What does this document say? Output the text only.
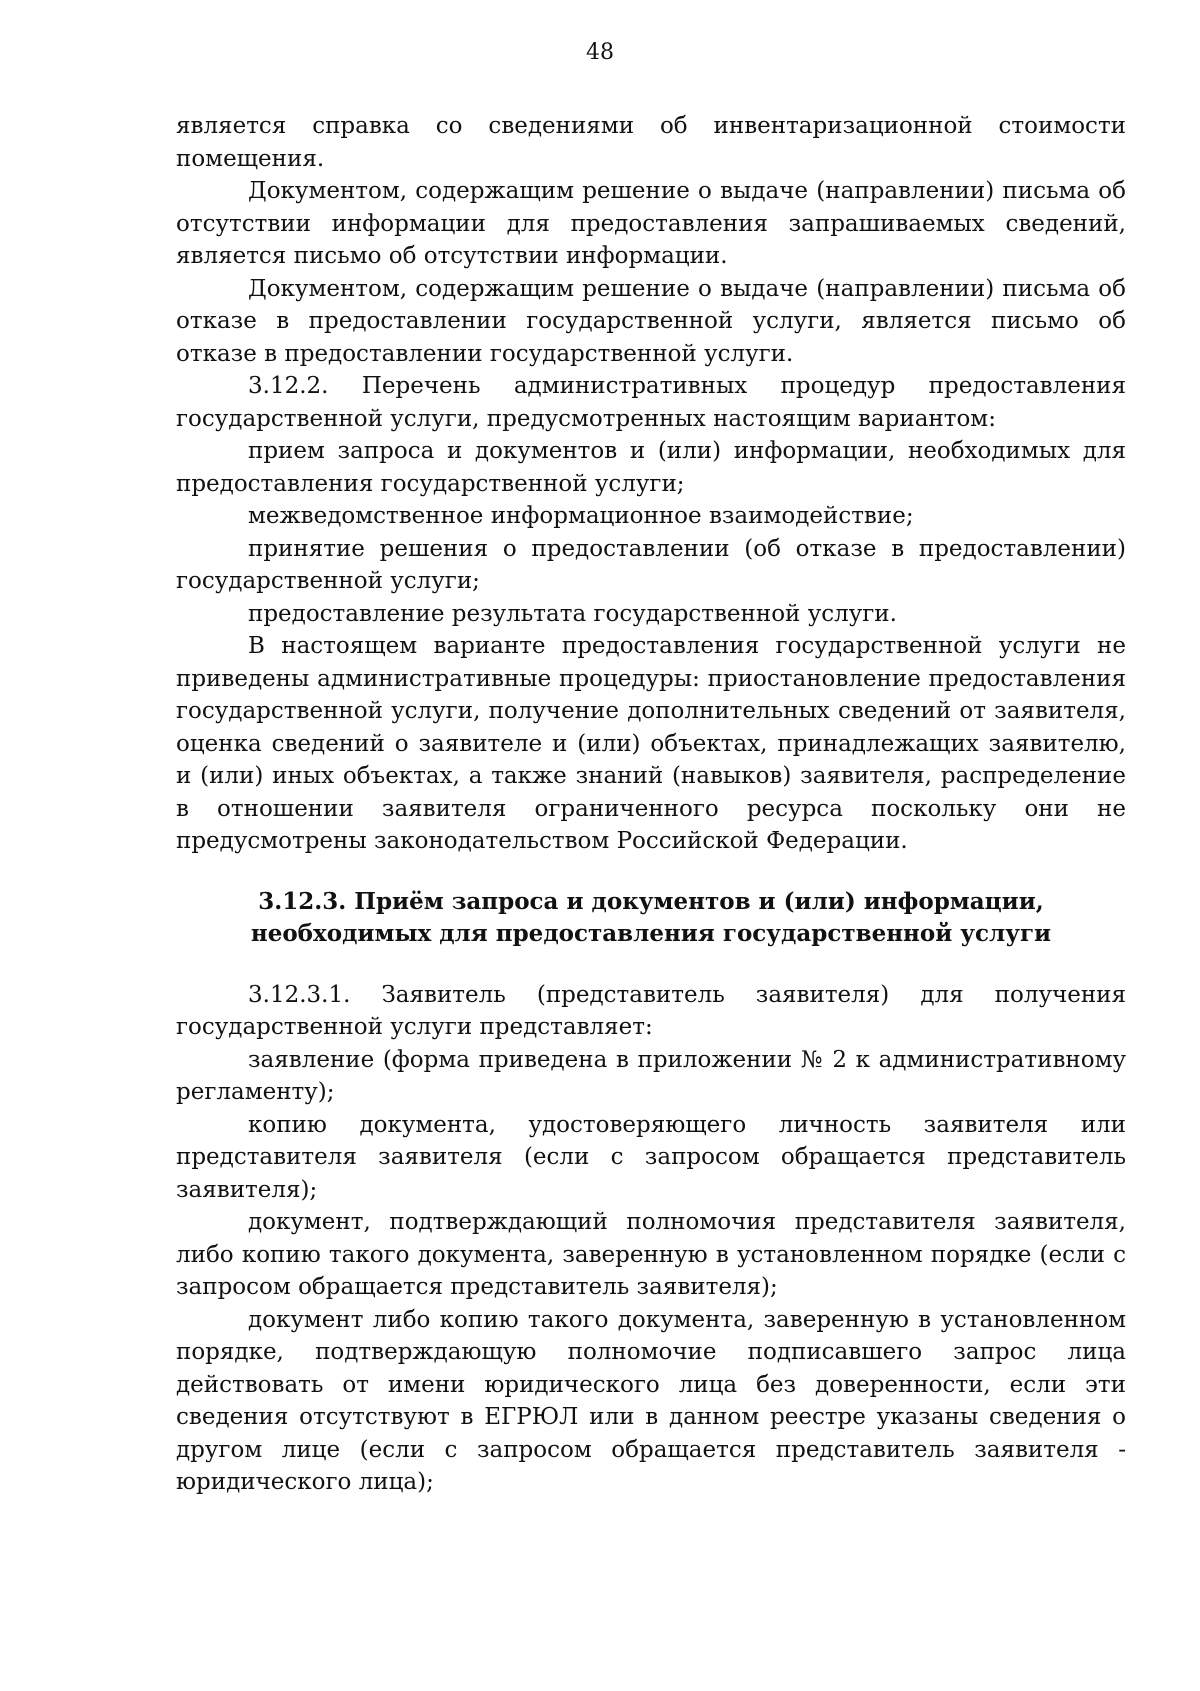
48

является справка со сведениями об инвентаризационной стоимости помещения.

Документом, содержащим решение о выдаче (направлении) письма об отсутствии информации для предоставления запрашиваемых сведений, является письмо об отсутствии информации.

Документом, содержащим решение о выдаче (направлении) письма об отказе в предоставлении государственной услуги, является письмо об отказе в предоставлении государственной услуги.

3.12.2. Перечень административных процедур предоставления государственной услуги, предусмотренных настоящим вариантом:

прием запроса и документов и (или) информации, необходимых для предоставления государственной услуги;

межведомственное информационное взаимодействие;

принятие решения о предоставлении (об отказе в предоставлении) государственной услуги;

предоставление результата государственной услуги.

В настоящем варианте предоставления государственной услуги не приведены административные процедуры: приостановление предоставления государственной услуги, получение дополнительных сведений от заявителя, оценка сведений о заявителе и (или) объектах, принадлежащих заявителю, и (или) иных объектах, а также знаний (навыков) заявителя, распределение в отношении заявителя ограниченного ресурса поскольку они не предусмотрены законодательством Российской Федерации.

3.12.3. Приём запроса и документов и (или) информации,
необходимых для предоставления государственной услуги

3.12.3.1. Заявитель (представитель заявителя) для получения государственной услуги представляет:

заявление (форма приведена в приложении № 2 к административному регламенту);

копию документа, удостоверяющего личность заявителя или представителя заявителя (если с запросом обращается представитель заявителя);

документ, подтверждающий полномочия представителя заявителя, либо копию такого документа, заверенную в установленном порядке (если с запросом обращается представитель заявителя);

документ либо копию такого документа, заверенную в установленном порядке, подтверждающую полномочие подписавшего запрос лица действовать от имени юридического лица без доверенности, если эти сведения отсутствуют в ЕГРЮЛ или в данном реестре указаны сведения о другом лице (если с запросом обращается представитель заявителя - юридического лица);
